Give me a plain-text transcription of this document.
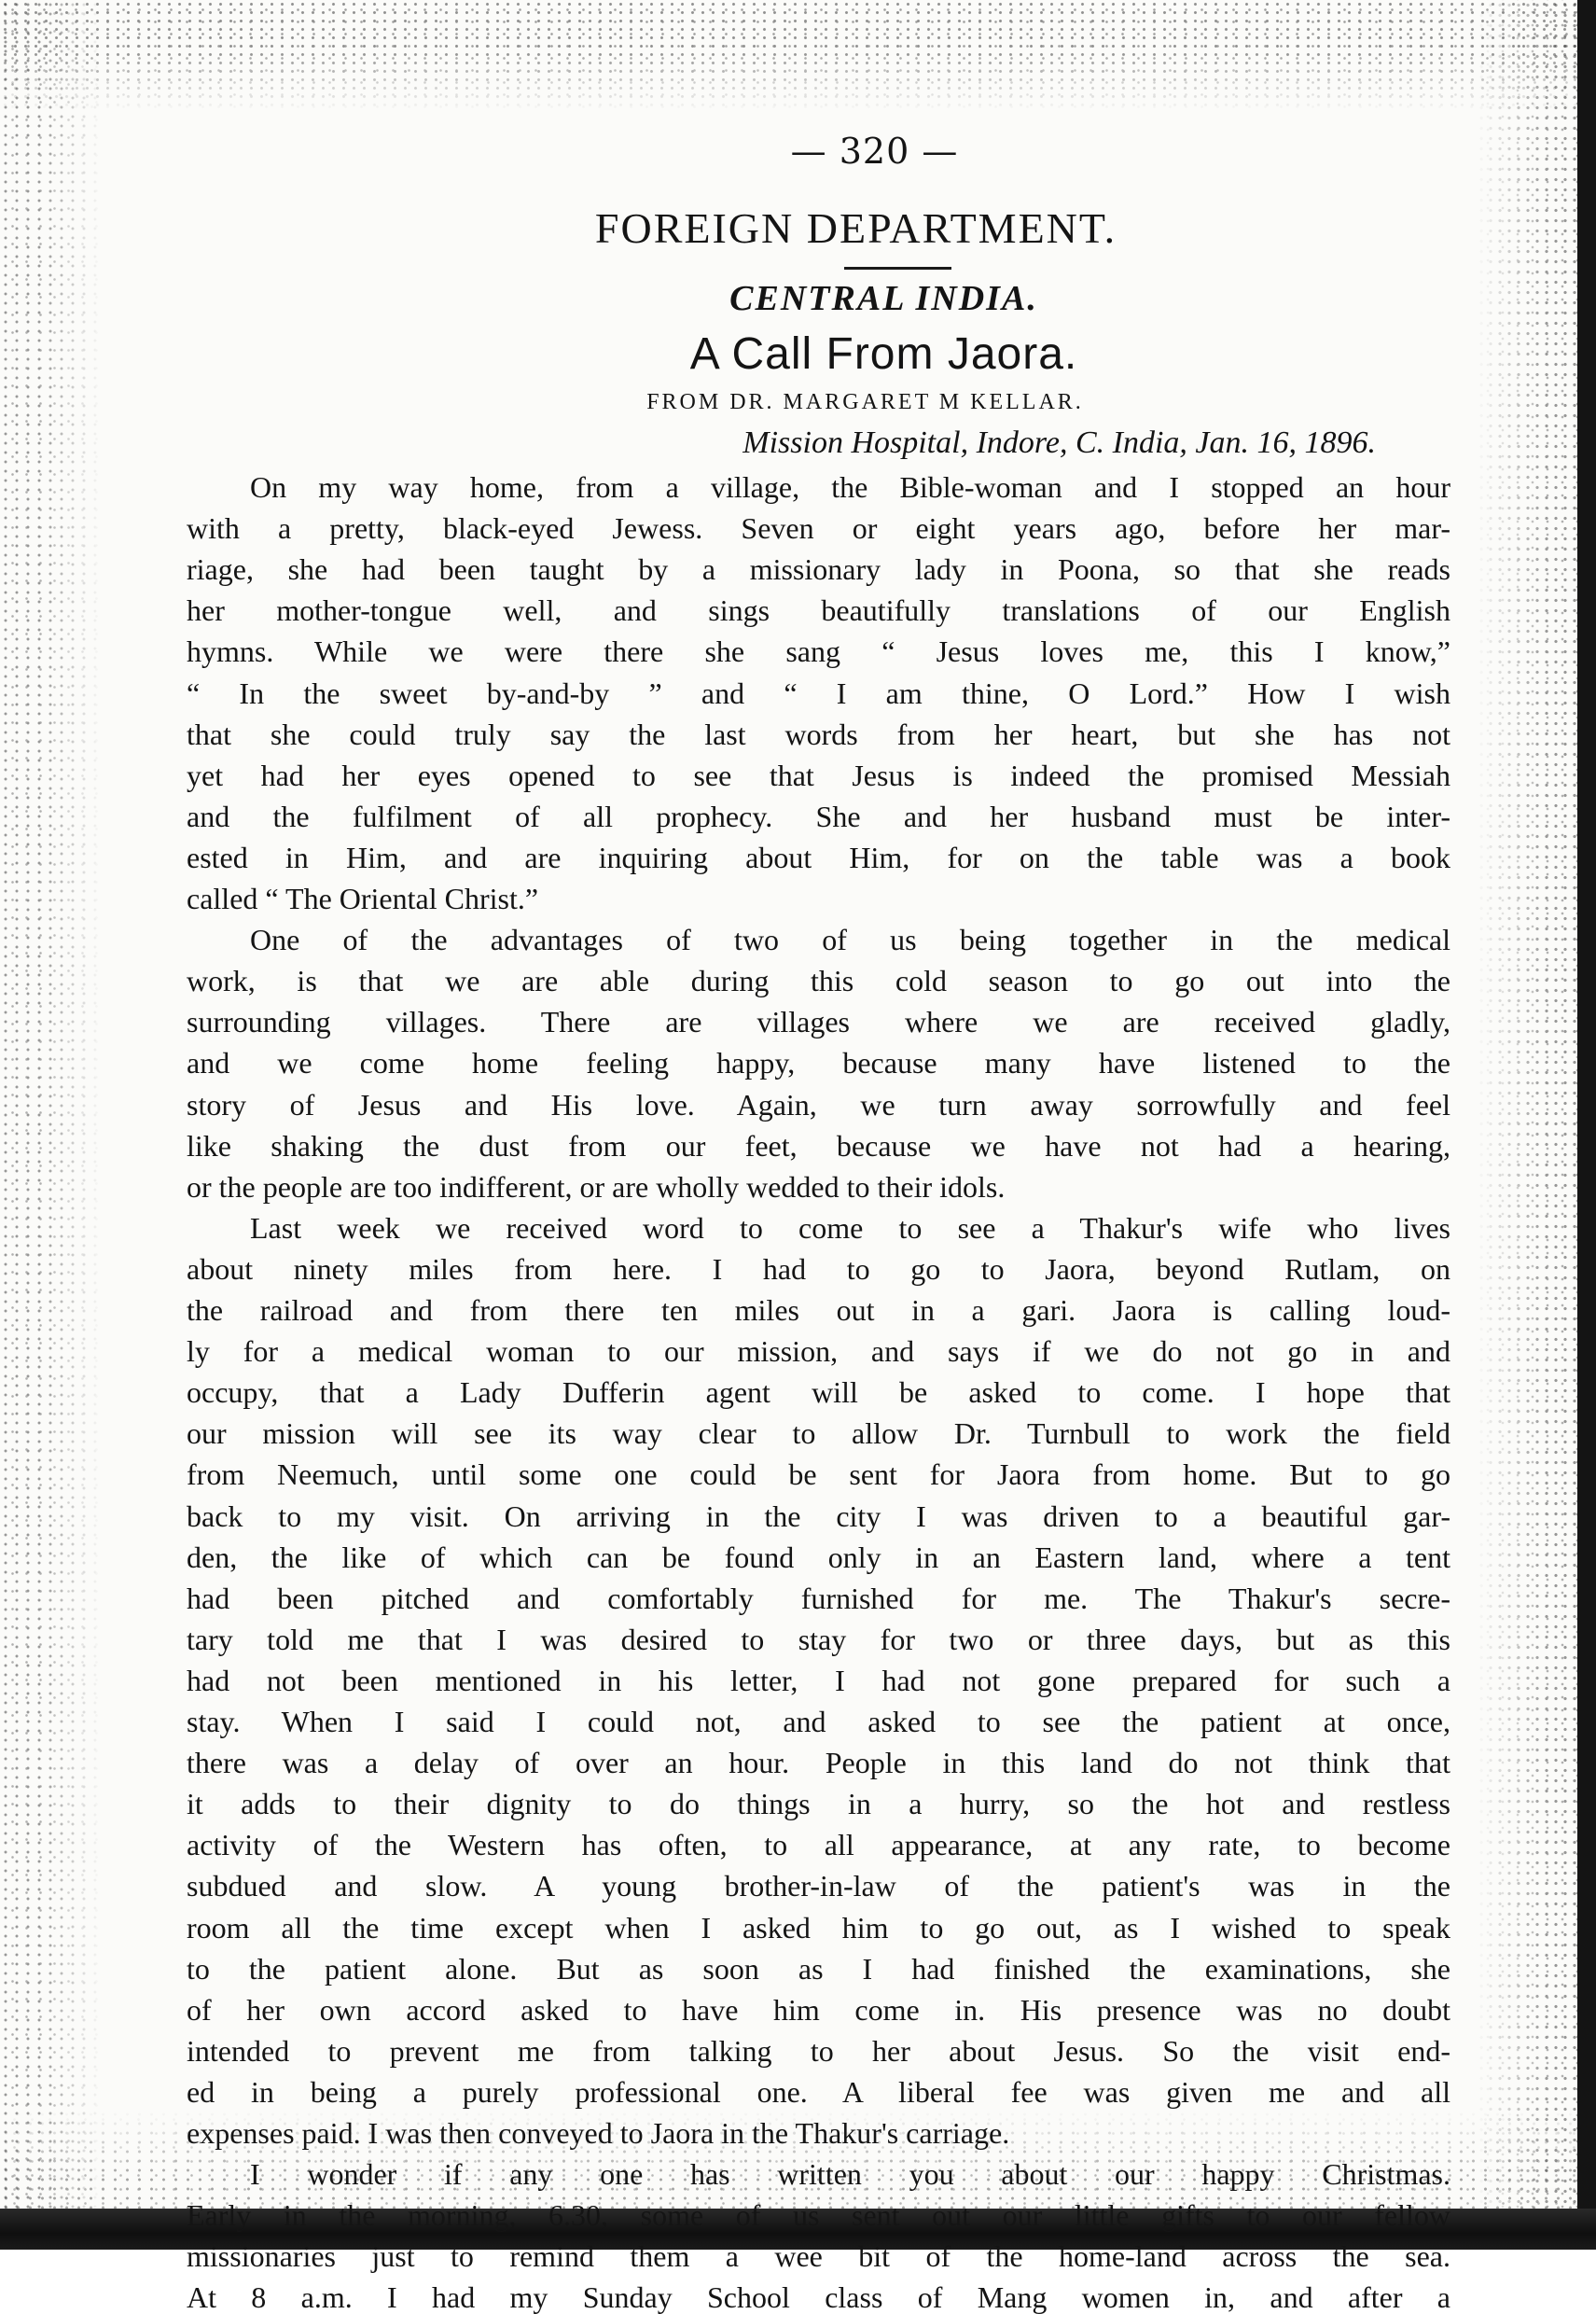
— 320 —
FOREIGN DEPARTMENT.
CENTRAL INDIA.
A Call From Jaora.
FROM DR. MARGARET M KELLAR.
Mission Hospital, Indore, C. India, Jan. 16, 1896.
On my way home, from a village, the Bible-woman and I stopped an hour
with a pretty, black-eyed Jewess. Seven or eight years ago, before her mar-
riage, she had been taught by a missionary lady in Poona, so that she reads
her mother-tongue well, and sings beautifully translations of our English
hymns. While we were there she sang “ Jesus loves me, this I know,”
“ In the sweet by-and-by ” and “ I am thine, O Lord.” How I wish
that she could truly say the last words from her heart, but she has not
yet had her eyes opened to see that Jesus is indeed the promised Messiah
and the fulfilment of all prophecy. She and her husband must be inter-
ested in Him, and are inquiring about Him, for on the table was a book
called “ The Oriental Christ.”
One of the advantages of two of us being together in the medical
work, is that we are able during this cold season to go out into the
surrounding villages. There are villages where we are received gladly,
and we come home feeling happy, because many have listened to the
story of Jesus and His love. Again, we turn away sorrowfully and feel
like shaking the dust from our feet, because we have not had a hearing,
or the people are too indifferent, or are wholly wedded to their idols.
Last week we received word to come to see a Thakur's wife who lives
about ninety miles from here. I had to go to Jaora, beyond Rutlam, on
the railroad and from there ten miles out in a gari. Jaora is calling loud-
ly for a medical woman to our mission, and says if we do not go in and
occupy, that a Lady Dufferin agent will be asked to come. I hope that
our mission will see its way clear to allow Dr. Turnbull to work the field
from Neemuch, until some one could be sent for Jaora from home. But to go
back to my visit. On arriving in the city I was driven to a beautiful gar-
den, the like of which can be found only in an Eastern land, where a tent
had been pitched and comfortably furnished for me. The Thakur's secre-
tary told me that I was desired to stay for two or three days, but as this
had not been mentioned in his letter, I had not gone prepared for such a
stay. When I said I could not, and asked to see the patient at once,
there was a delay of over an hour. People in this land do not think that
it adds to their dignity to do things in a hurry, so the hot and restless
activity of the Western has often, to all appearance, at any rate, to become
subdued and slow. A young brother-in-law of the patient's was in the
room all the time except when I asked him to go out, as I wished to speak
to the patient alone. But as soon as I had finished the examinations, she
of her own accord asked to have him come in. His presence was no doubt
intended to prevent me from talking to her about Jesus. So the visit end-
ed in being a purely professional one. A liberal fee was given me and all
expenses paid. I was then conveyed to Jaora in the Thakur's carriage.
I wonder if any one has written you about our happy Christmas.
Early in the morning, 6.30, some of us sent out our little gifts to our fellow
missionaries just to remind them a wee bit of the home-land across the sea.
At 8 a.m. I had my Sunday School class of Mang women in, and after a
